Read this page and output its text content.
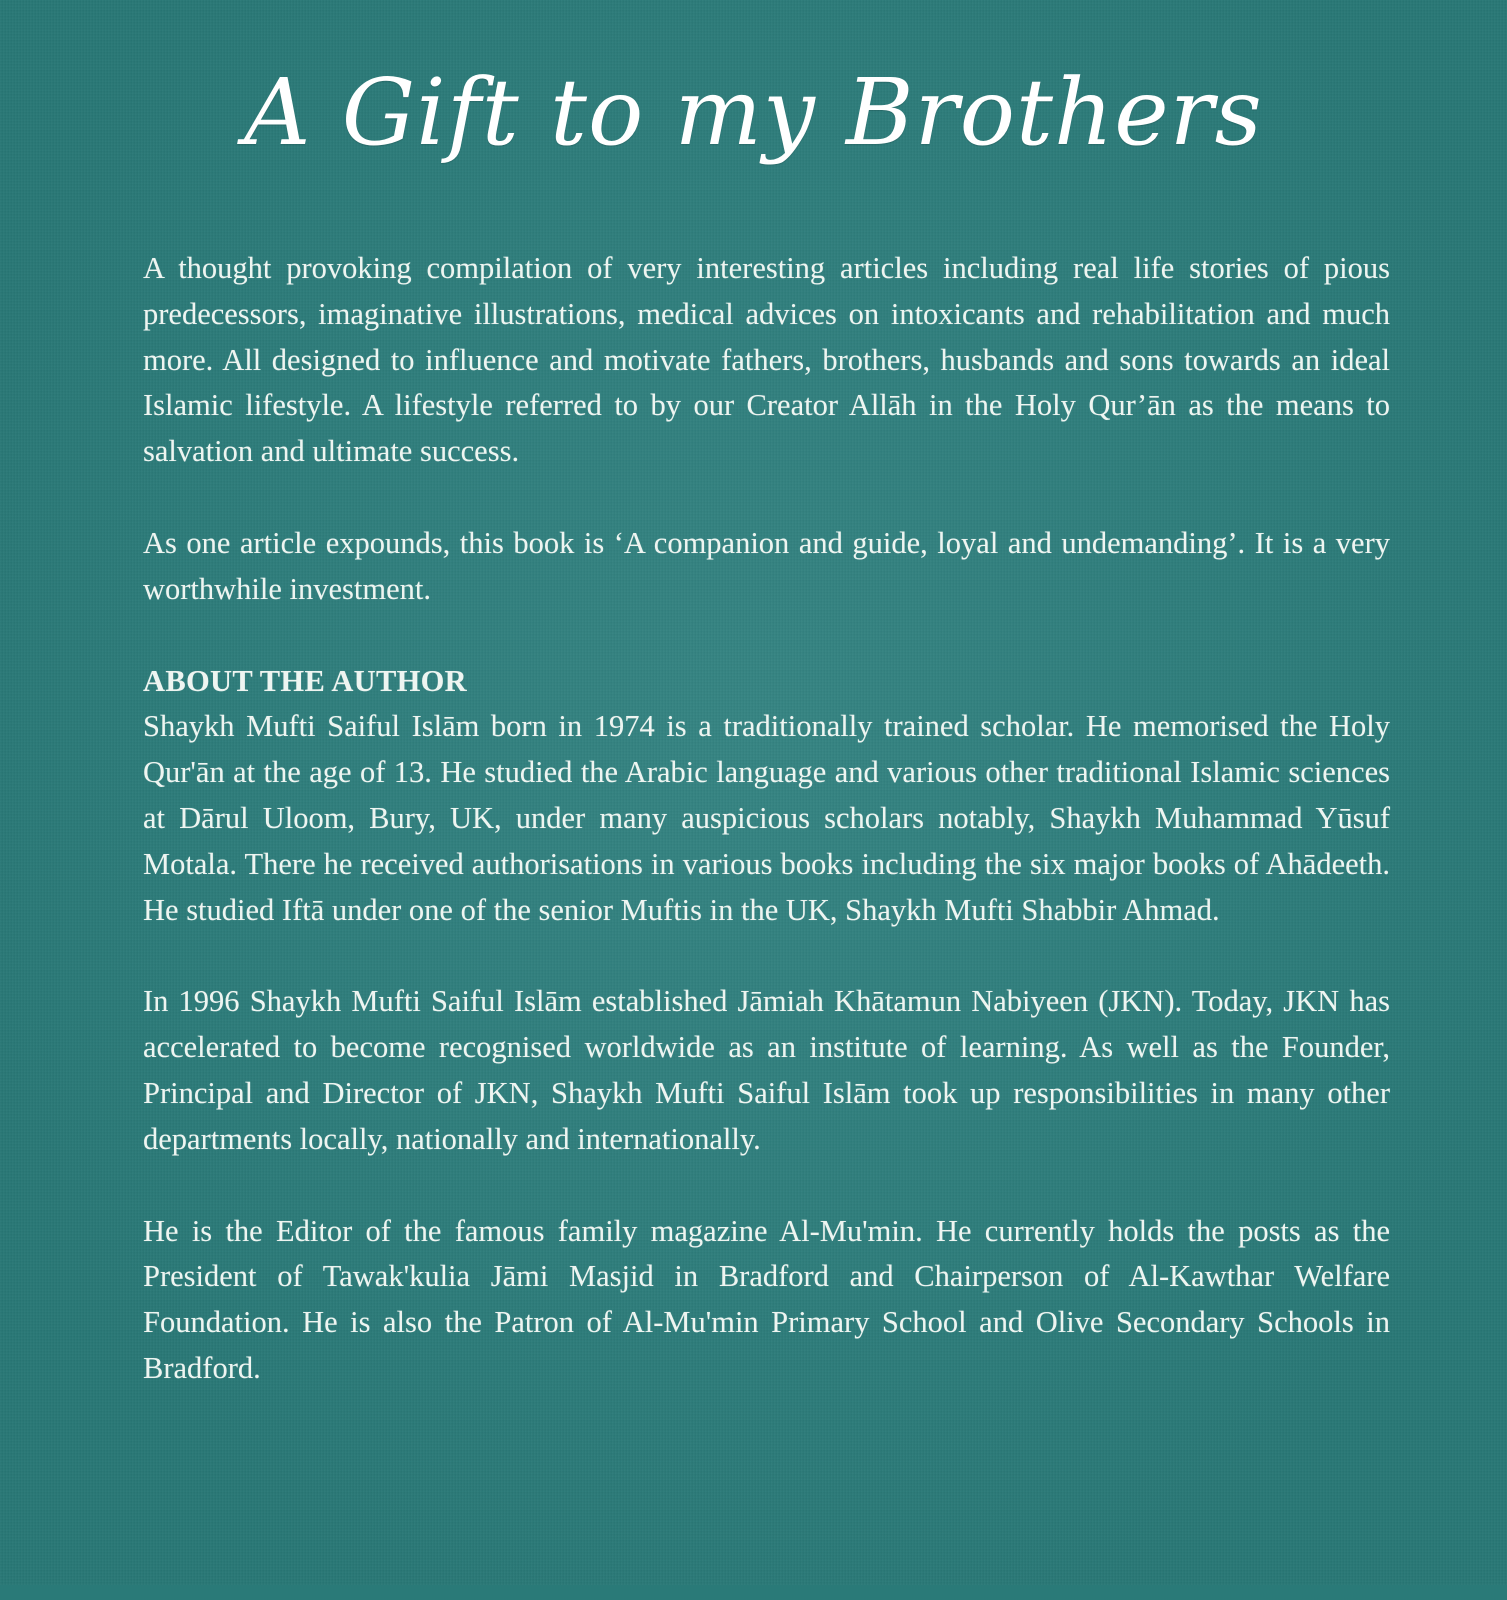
A Gift to my Brothers

A thought provoking compilation of very interesting articles including real life stories of pious predecessors, imaginative illustrations, medical advices on intoxicants and rehabilitation and much more. All designed to influence and motivate fathers, brothers, husbands and sons towards an ideal Islamic lifestyle. A lifestyle referred to by our Creator Allāh in the Holy Qur’ān as the means to salvation and ultimate success.

As one article expounds, this book is ‘A companion and guide, loyal and undemanding’. It is a very worthwhile investment.

ABOUT THE AUTHOR

Shaykh Mufti Saiful Islām born in 1974 is a traditionally trained scholar. He memorised the Holy Qur'ān at the age of 13. He studied the Arabic language and various other traditional Islamic sciences at Dārul Uloom, Bury, UK, under many auspicious scholars notably, Shaykh Muhammad Yūsuf Motala. There he received authorisations in various books including the six major books of Ahādeeth. He studied Iftā under one of the senior Muftis in the UK, Shaykh Mufti Shabbir Ahmad.

In 1996 Shaykh Mufti Saiful Islām established Jāmiah Khātamun Nabiyeen (JKN). Today, JKN has accelerated to become recognised worldwide as an institute of learning. As well as the Founder, Principal and Director of JKN, Shaykh Mufti Saiful Islām took up responsibilities in many other departments locally, nationally and internationally.

He is the Editor of the famous family magazine Al-Mu'min. He currently holds the posts as the President of Tawak'kulia Jāmi Masjid in Bradford and Chairperson of Al-Kawthar Welfare Foundation. He is also the Patron of Al-Mu'min Primary School and Olive Secondary Schools in Bradford.
